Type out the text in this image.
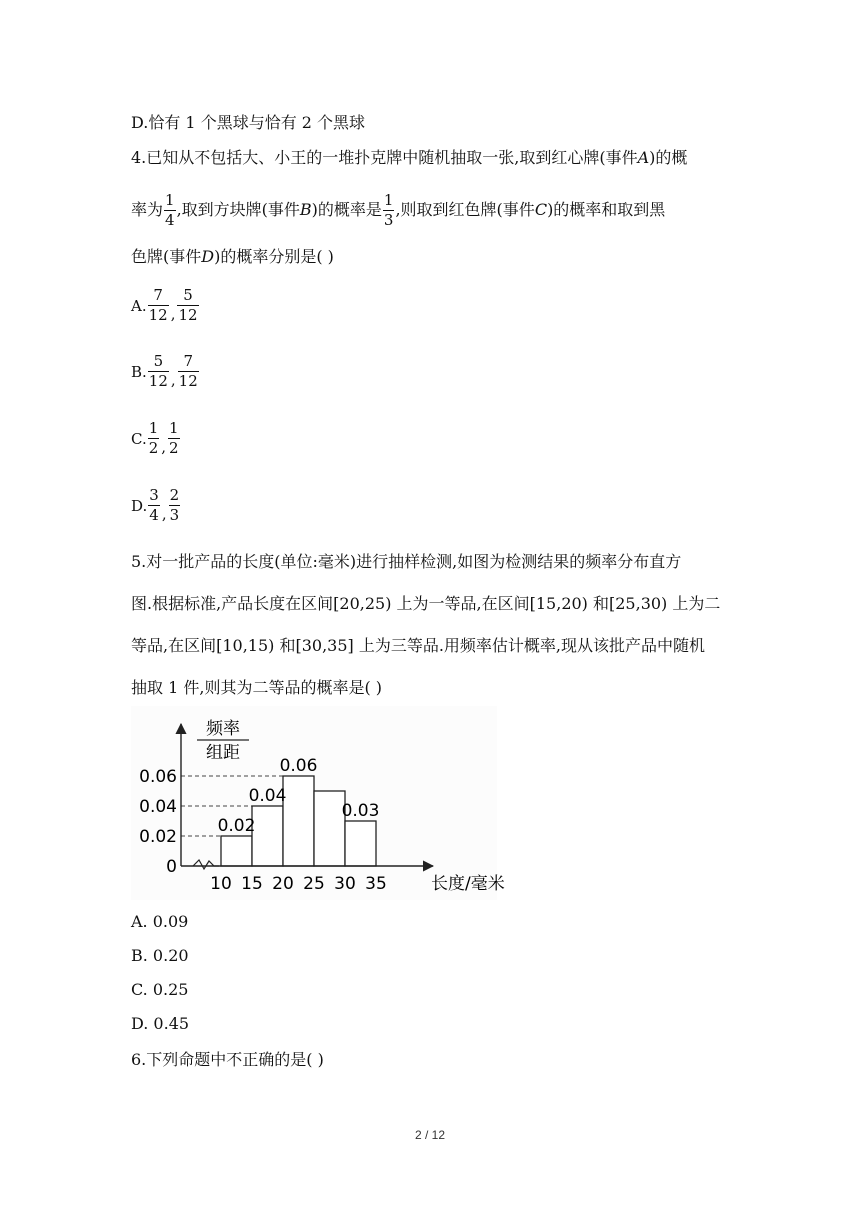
D.恰有 1 个黑球与恰有 2 个黑球
4.已知从不包括大、小王的一堆扑克牌中随机抽取一张,取到红心牌(事件A)的概
率为 $\frac{1}{4}$ ,取到方块牌(事件B)的概率是 $\frac{1}{3}$ ,则取到红色牌(事件C)的概率和取到黑
色牌(事件D)的概率分别是( )
A. $\frac{7}{12}$ , $\frac{5}{12}$
B. $\frac{5}{12}$ , $\frac{7}{12}$
C. $\frac{1}{2}$ , $\frac{1}{2}$
D. $\frac{3}{4}$ , $\frac{2}{3}$
5.对一批产品的长度(单位:毫米)进行抽样检测,如图为检测结果的频率分布直方
图.根据标准,产品长度在区间[20,25) 上为一等品,在区间[15,20) 和[25,30) 上为二
等品,在区间[10,15) 和[30,35] 上为三等品.用频率估计概率,现从该批产品中随机
抽取 1 件,则其为二等品的概率是( )
频率
组距
0
0.02
0.04
0.06
10 15 20 25 30 35
0.02
0.04
0.06
0.03
长度/毫米
A. 0.09
B. 0.20
C. 0.25
D. 0.45
6.下列命题中不正确的是( )
2 / 12
